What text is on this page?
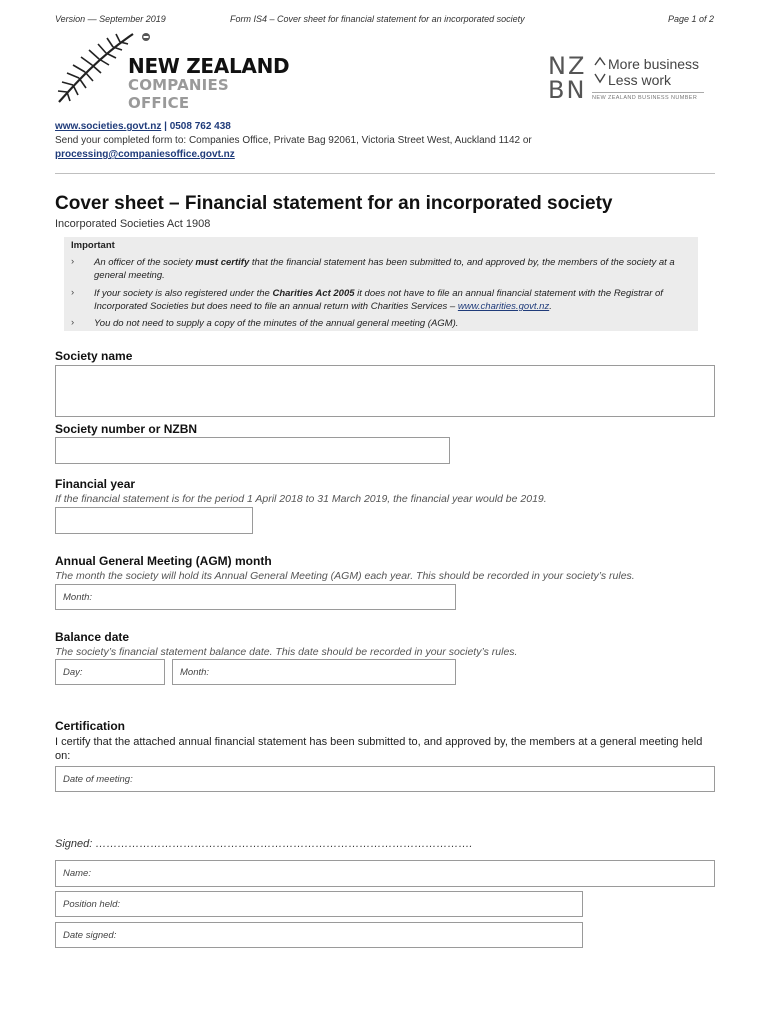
Version — September 2019	Form IS4 – Cover sheet for financial statement for an incorporated society	Page 1 of 2
NEW ZEALAND
COMPANIES OFFICE
NZ
BN
More business
Less work
NEW ZEALAND BUSINESS NUMBER
www.societies.govt.nz | 0508 762 438
Send your completed form to: Companies Office, Private Bag 92061, Victoria Street West, Auckland 1142 or
processing@companiesoffice.govt.nz
Cover sheet – Financial statement for an incorporated society
Incorporated Societies Act 1908
Important
› An officer of the society must certify that the financial statement has been submitted to, and approved by, the members of the society at a general meeting.
› If your society is also registered under the Charities Act 2005 it does not have to file an annual financial statement with the Registrar of Incorporated Societies but does need to file an annual return with Charities Services – www.charities.govt.nz.
› You do not need to supply a copy of the minutes of the annual general meeting (AGM).
Society name
Society number or NZBN
Financial year
If the financial statement is for the period 1 April 2018 to 31 March 2019, the financial year would be 2019.
Annual General Meeting (AGM) month
The month the society will hold its Annual General Meeting (AGM) each year. This should be recorded in your society’s rules.
Month:
Balance date
The society’s financial statement balance date. This date should be recorded in your society’s rules.
Day:	Month:
Certification
I certify that the attached annual financial statement has been submitted to, and approved by, the members at a general meeting held on:
Date of meeting:
Signed: ………………………………………………………………………………………….
Name:
Position held:
Date signed:
